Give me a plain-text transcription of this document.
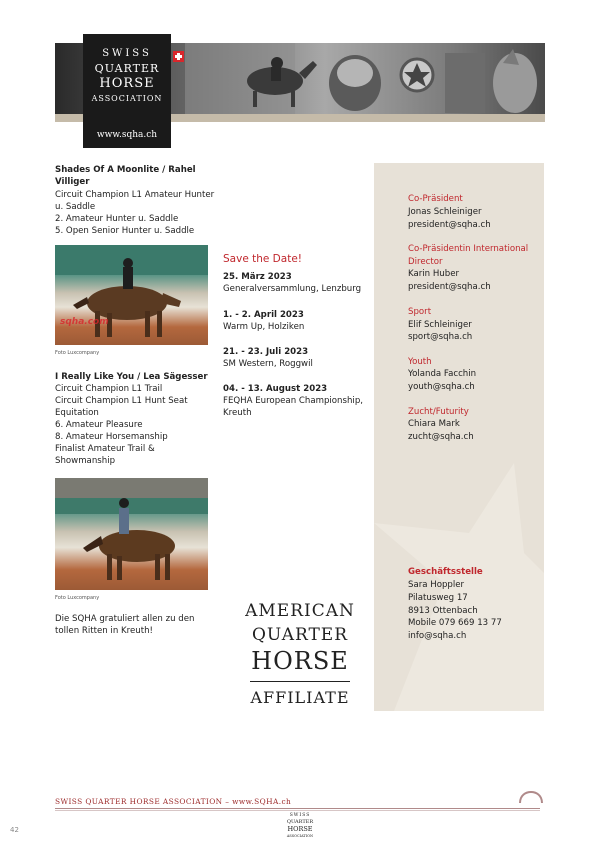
SWISS
QUARTER
HORSE
ASSOCIATION
www.sqha.ch
Shades Of A Moonlite / Rahel Villiger
Circuit Champion L1 Amateur Hunter u. Saddle
2. Amateur Hunter u. Saddle
5. Open Senior Hunter u. Saddle
sqha.com
Foto Luxcompany
I Really Like You / Lea Sägesser
Circuit Champion L1 Trail
Circuit Champion L1 Hunt Seat Equitation
6. Amateur Pleasure
8. Amateur Horsemanship
Finalist Amateur Trail & Showmanship
Foto Luxcompany
Die SQHA gratuliert allen zu den tollen Ritten in Kreuth!
Save the Date!
25. März 2023
Generalversammlung, Lenzburg
1. - 2. April 2023
Warm Up, Holziken
21. - 23. Juli 2023
SM Western, Roggwil
04. - 13. August 2023
FEQHA European Championship, Kreuth
AMERICAN
QUARTER
HORSE
AFFILIATE
Co-Präsident
Jonas Schleiniger
president@sqha.ch
Co-Präsidentin International Director
Karin Huber
president@sqha.ch
Sport
Elif Schleiniger
sport@sqha.ch
Youth
Yolanda Facchin
youth@sqha.ch
Zucht/Futurity
Chiara Mark
zucht@sqha.ch
Geschäftsstelle
Sara Hoppler
Pilatusweg 17
8913 Ottenbach
Mobile 079 669 13 77
info@sqha.ch
SWISS QUARTER HORSE ASSOCIATION – www.SQHA.ch
42
SWISS
QUARTER
HORSE
ASSOCIATION
